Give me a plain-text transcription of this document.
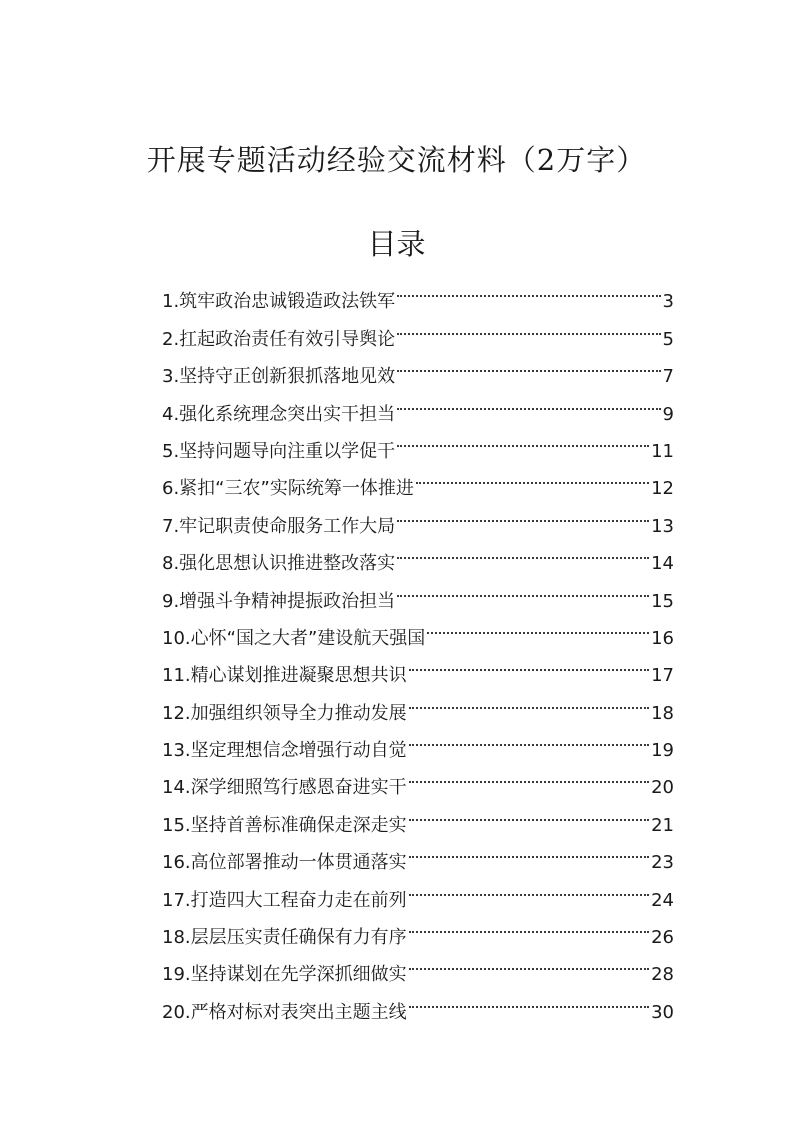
开展专题活动经验交流材料（2万字）
目录
1.筑牢政治忠诚锻造政法铁军	3
2.扛起政治责任有效引导舆论	5
3.坚持守正创新狠抓落地见效	7
4.强化系统理念突出实干担当	9
5.坚持问题导向注重以学促干	11
6.紧扣“三农”实际统筹一体推进	12
7.牢记职责使命服务工作大局	13
8.强化思想认识推进整改落实	14
9.增强斗争精神提振政治担当	15
10.心怀“国之大者”建设航天强国	16
11.精心谋划推进凝聚思想共识	17
12.加强组织领导全力推动发展	18
13.坚定理想信念增强行动自觉	19
14.深学细照笃行感恩奋进实干	20
15.坚持首善标准确保走深走实	21
16.高位部署推动一体贯通落实	23
17.打造四大工程奋力走在前列	24
18.层层压实责任确保有力有序	26
19.坚持谋划在先学深抓细做实	28
20.严格对标对表突出主题主线	30
